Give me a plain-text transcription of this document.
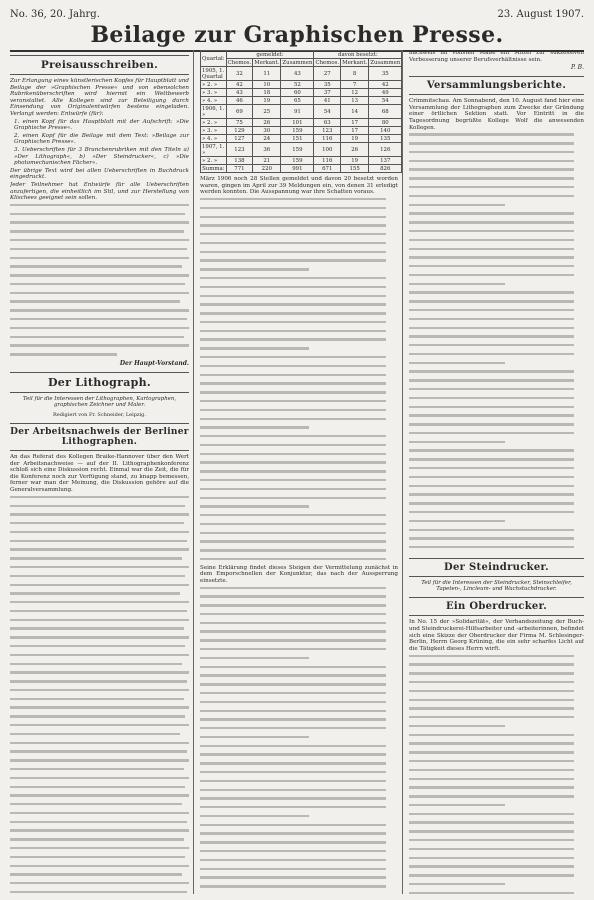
No. 36, 20. Jahrg.	23. August 1907.
Beilage zur Graphischen Presse.
Preisausschreiben.
Zur Erlangung eines künstlerischen Kopfes für Hauptblatt und Beilage der »Graphischen Presse« und von ebensolchen Rubrikenüberschriften wird hiermit ein Wettbewerb veranstaltet. Alle Kollegen sind zur Beteiligung durch Einsendung von Originalentwürfen bestens eingeladen. Verlangt werden: Entwürfe (für):
1. einen Kopf für das Hauptblatt mit der Aufschrift: »Die Graphische Presse«.
2. einen Kopf für die Beilage mit dem Text: »Beilage zur Graphischen Presse«.
3. Ueberschriften für 3 Branchenrubriken mit den Titeln a) »Der Lithograph«, b) »Der Steindrucker«, c) »Die photomechanischen Fächer«.
Der übrige Text wird bei allen Ueberschriften in Buchdruck eingedruckt.
Jeder Teilnehmer hat Entwürfe für alle Ueberschriften anzufertigen, die einheitlich im Stil, und zur Herstellung von Klischees geeignet sein sollen.
Der Haupt-Vorstand.
Der Lithograph.
Teil für die Interessen der Lithographen, Kartographen, graphischen Zeichner und Maler.
Redigiert von Fr. Schneider, Leipzig.
Der Arbeitsnachweis der Berliner Lithographen.
An das Referat des Kollegen Braike-Hannover über den Wert der Arbeitsnachweise — auf der II. Lithographenkonferenz schloß sich eine Diskussion recht. Einmal war die Zeit, die für die Konferenz noch zur Verfügung stand, zu knapp bemessen, ferner war man der Meinung, die Diskussion gehöre auf die Generalversammlung.
Quartal:	gemeldet:			davon besetzt:		
	Chemos.	Merkant.	Zusammen	Chemos.	Merkant.	Zusammen
1905, 1. Quartal	32	11	43	27	8	35
» 2. »	42	10	52	35	7	42
» 3. »	43	18	60	37	12	49
» 4. »	46	19	65	41	13	54
1906, 1. »	69	25	91	54	14	68
» 2. »	75	26	101	63	17	80
» 3. »	129	30	159	123	17	140
» 4. »	127	24	151	116	19	135
1907, 1. »	123	36	159	100	26	126
» 2. »	138	21	159	116	19	137
Summa:	771	220	991	671	155	826
März 1906 noch 28 Stellen gemeldet und davon 20 besetzt worden waren, gingen im April zur 39 Meldungen ein, von denen 31 erledigt werden konnten. Die Ausspannung war ihre Schatten voraus.
Seine Erklärung findet dieses Steigen der Vermittelung zunächst in dem Emporschnellen der Konjunktur, das nach der Aussperrung einsetzte.
nachweis im vollsten Maße ein Mittel zur sukzessiven Verbesserung unserer Berufsverhältnisse sein.
P. B.
Versammlungsberichte.
Crimmitschau. Am Sonnabend, den 10. August fand hier eine Versammlung der Lithographen zum Zwecke der Gründung einer örtlichen Sektion statt. Vor Eintritt in die Tagesordnung begrüßte Kollege Wolf die anwesenden Kollegen.
Der Steindrucker.
Teil für die Interessen der Steindrucker, Steinschleifer, Tapeten-, Lincleum- und Wachstuchdrucker.
Ein Oberdrucker.
In No. 15 der »Solidarität«, der Verbandszeitung der Buch- und Steindruckerei-Hilfsarbeiter und -arbeiterinnen, befindet sich eine Skizze der Oberdrucker der Firma M. Schlesinger-Berlin, Herrn Georg Krüning, die ein sehr scharfes Licht auf die Tätigkeit dieses Herrn wirft.
